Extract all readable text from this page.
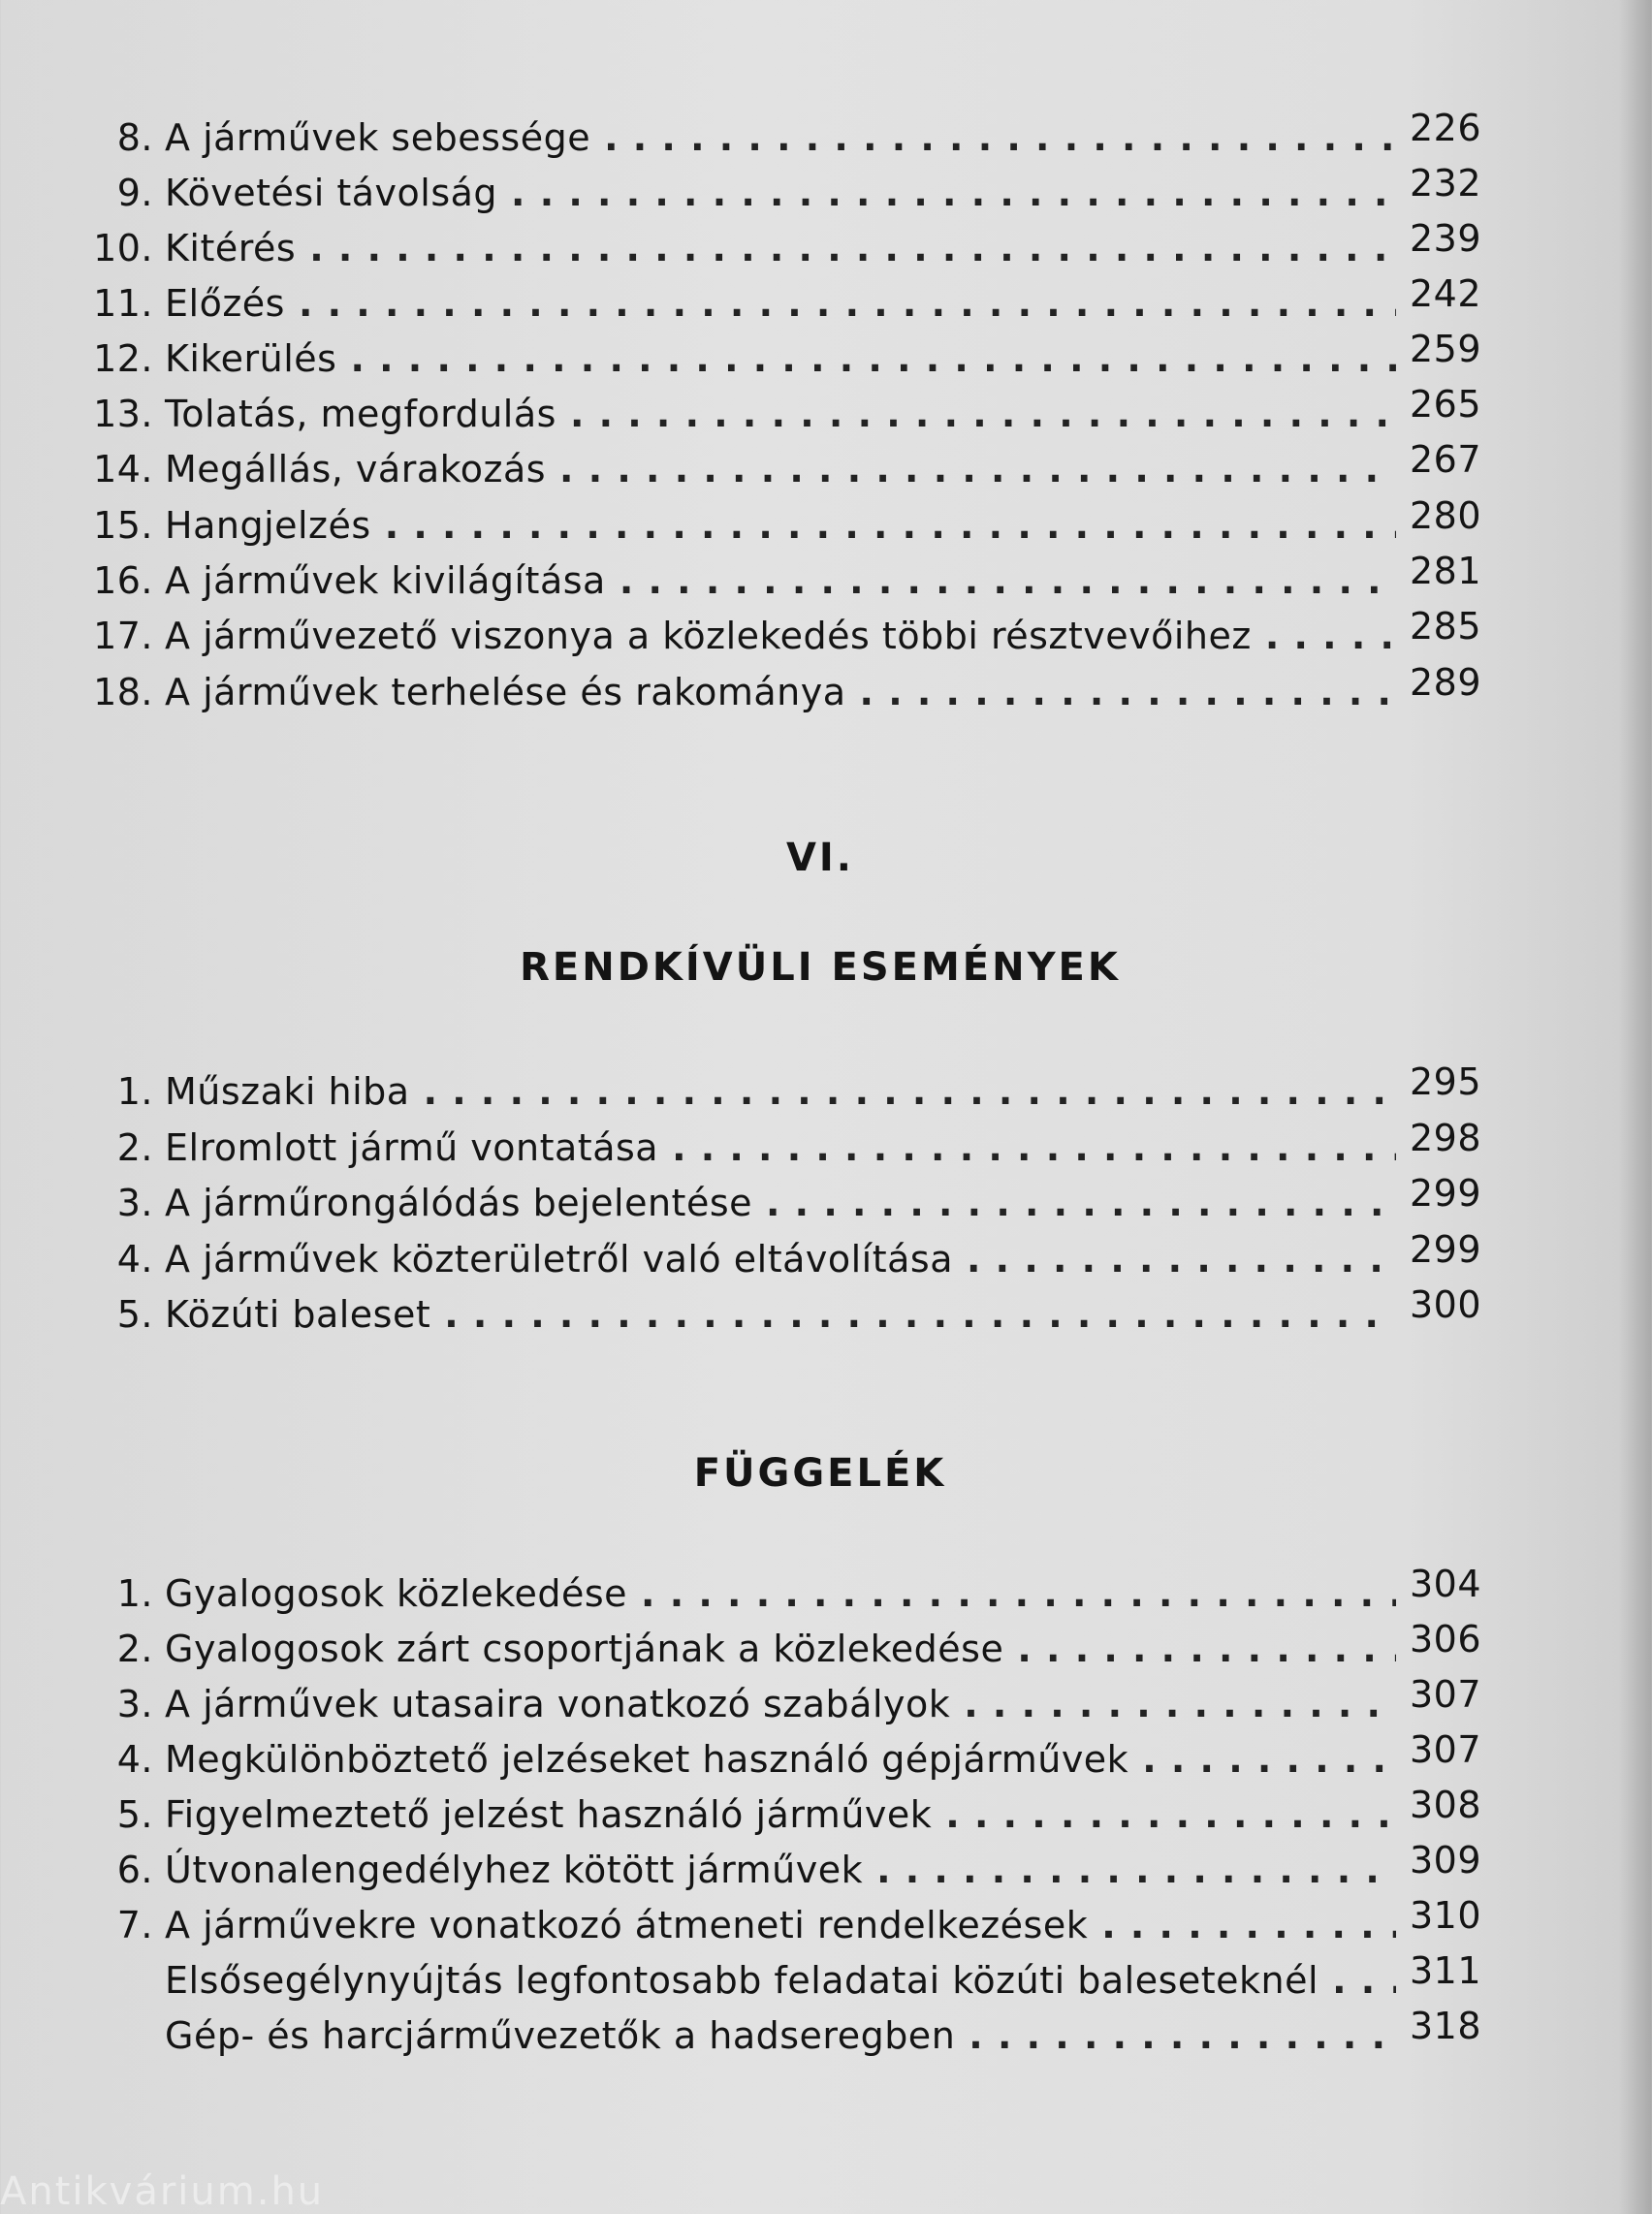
8. A járművek sebessége . . .	226
9. Követési távolság . . .	232
10. Kitérés . . .	239
11. Előzés . . .	242
12. Kikerülés . . .	259
13. Tolatás, megfordulás . . .	265
14. Megállás, várakozás . . .	267
15. Hangjelzés . . .	280
16. A járművek kivilágítása . . .	281
17. A járművezető viszonya a közlekedés többi résztvevőihez . . .	285
18. A járművek terhelése és rakománya . . .	289
VI.
RENDKÍVÜLI ESEMÉNYEK
1. Műszaki hiba . . .	295
2. Elromlott jármű vontatása . . .	298
3. A járműrongálódás bejelentése . . .	299
4. A járművek közterületről való eltávolítása . . .	299
5. Közúti baleset . . .	300
FÜGGELÉK
1. Gyalogosok közlekedése . . .	304
2. Gyalogosok zárt csoportjának a közlekedése . . .	306
3. A járművek utasaira vonatkozó szabályok . . .	307
4. Megkülönböztető jelzéseket használó gépjárművek . . .	307
5. Figyelmeztető jelzést használó járművek . . .	308
6. Útvonalengedélyhez kötött járművek . . .	309
7. A járművekre vonatkozó átmeneti rendelkezések . . .	310
Elsősegélynyújtás legfontosabb feladatai közúti baleseteknél . . . 311
Gép- és harcjárművezetők a hadseregben . . .	318
Antikvárium.hu
